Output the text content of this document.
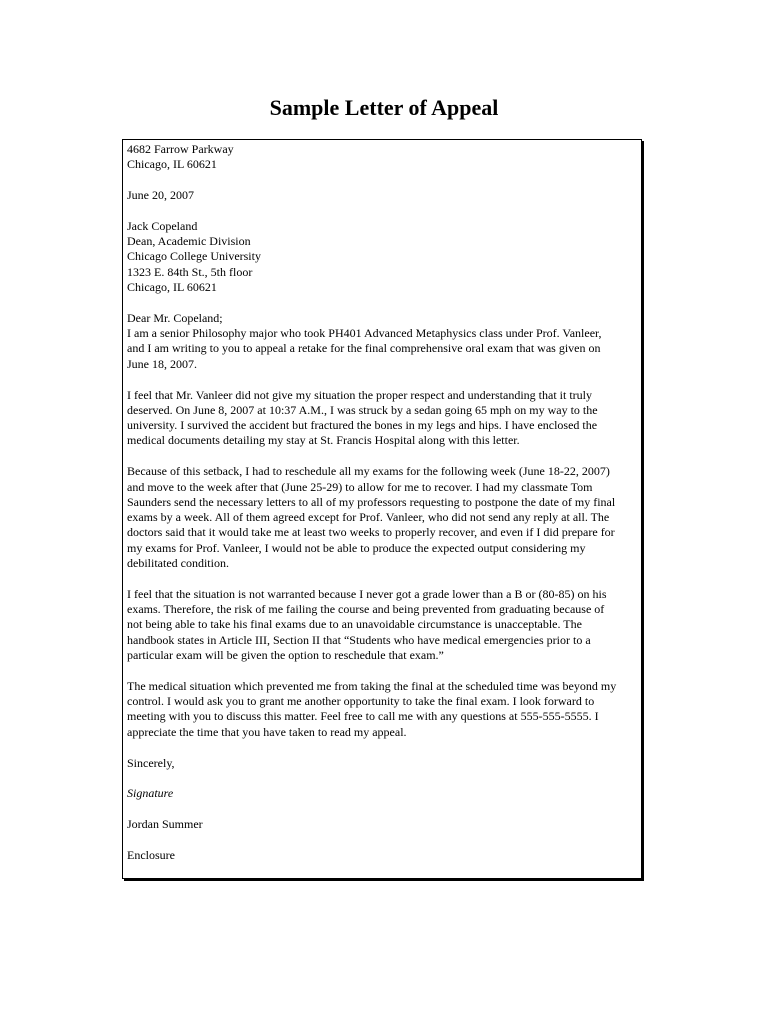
Sample Letter of Appeal
4682 Farrow Parkway
Chicago, IL 60621
June 20, 2007
Jack Copeland
Dean, Academic Division
Chicago College University
1323 E. 84th St., 5th floor
Chicago, IL 60621
Dear Mr. Copeland;
I am a senior Philosophy major who took PH401 Advanced Metaphysics class under Prof. Vanleer,
and I am writing to you to appeal a retake for the final comprehensive oral exam that was given on
June 18, 2007.
I feel that Mr. Vanleer did not give my situation the proper respect and understanding that it truly
deserved. On June 8, 2007 at 10:37 A.M., I was struck by a sedan going 65 mph on my way to the
university. I survived the accident but fractured the bones in my legs and hips. I have enclosed the
medical documents detailing my stay at St. Francis Hospital along with this letter.
Because of this setback, I had to reschedule all my exams for the following week (June 18-22, 2007)
and move to the week after that (June 25-29) to allow for me to recover. I had my classmate Tom
Saunders send the necessary letters to all of my professors requesting to postpone the date of my final
exams by a week. All of them agreed except for Prof. Vanleer, who did not send any reply at all. The
doctors said that it would take me at least two weeks to properly recover, and even if I did prepare for
my exams for Prof. Vanleer, I would not be able to produce the expected output considering my
debilitated condition.
I feel that the situation is not warranted because I never got a grade lower than a B or (80-85) on his
exams. Therefore, the risk of me failing the course and being prevented from graduating because of
not being able to take his final exams due to an unavoidable circumstance is unacceptable. The
handbook states in Article III, Section II that “Students who have medical emergencies prior to a
particular exam will be given the option to reschedule that exam.”
The medical situation which prevented me from taking the final at the scheduled time was beyond my
control. I would ask you to grant me another opportunity to take the final exam. I look forward to
meeting with you to discuss this matter. Feel free to call me with any questions at 555-555-5555. I
appreciate the time that you have taken to read my appeal.
Sincerely,
Signature
Jordan Summer
Enclosure
